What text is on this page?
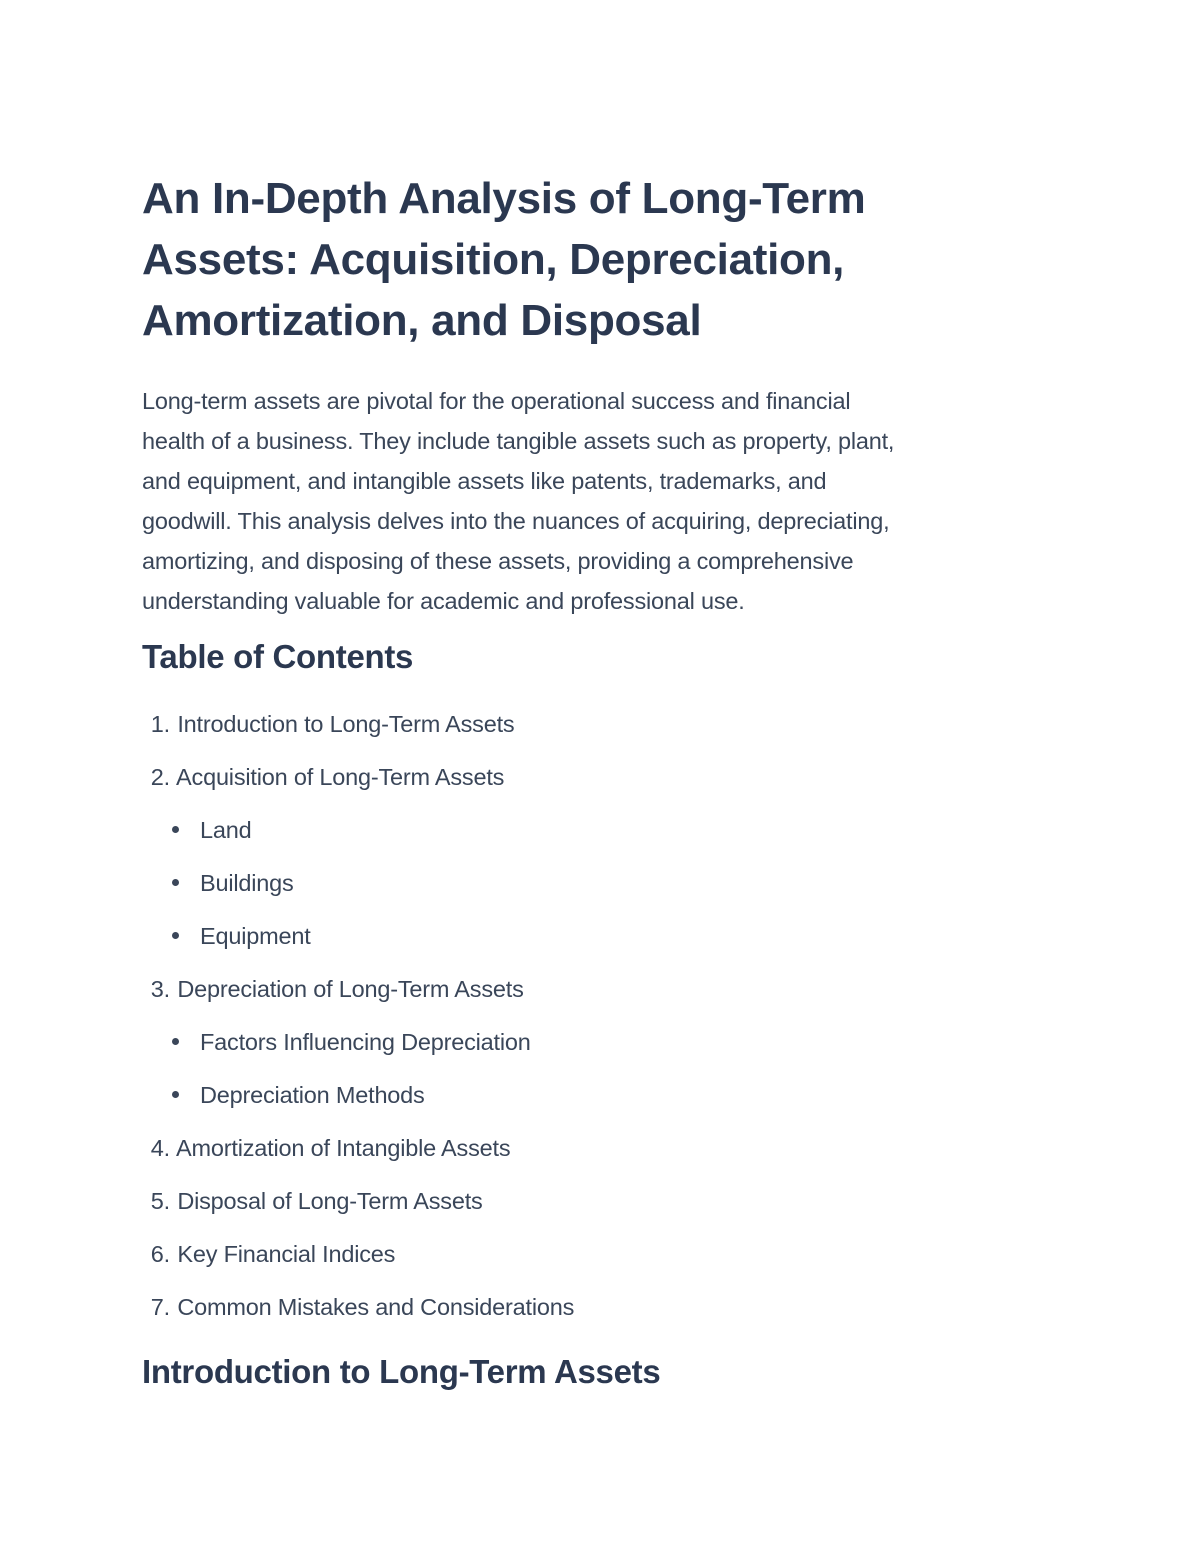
An In-Depth Analysis of Long-Term
Assets: Acquisition, Depreciation,
Amortization, and Disposal
Long-term assets are pivotal for the operational success and financial
health of a business. They include tangible assets such as property, plant,
and equipment, and intangible assets like patents, trademarks, and
goodwill. This analysis delves into the nuances of acquiring, depreciating,
amortizing, and disposing of these assets, providing a comprehensive
understanding valuable for academic and professional use.
Table of Contents
1. Introduction to Long-Term Assets
2. Acquisition of Long-Term Assets
Land
Buildings
Equipment
3. Depreciation of Long-Term Assets
Factors Influencing Depreciation
Depreciation Methods
4. Amortization of Intangible Assets
5. Disposal of Long-Term Assets
6. Key Financial Indices
7. Common Mistakes and Considerations
Introduction to Long-Term Assets
